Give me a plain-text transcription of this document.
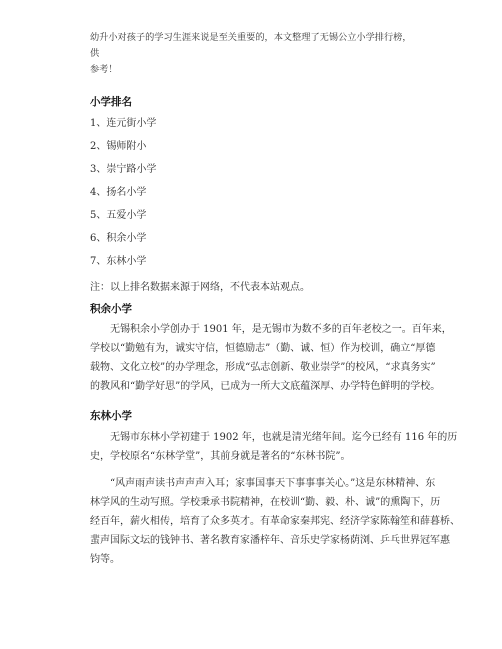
幼升小对孩子的学习生涯来说是至关重要的，本文整理了无锡公立小学排行榜，供
参考！
小学排名
1、连元街小学
2、锡师附小
3、崇宁路小学
4、扬名小学
5、五爱小学
6、积余小学
7、东林小学
注：以上排名数据来源于网络，不代表本站观点。
积余小学
无锡积余小学创办于 1901 年，是无锡市为数不多的百年老校之一。百年来，
学校以“勤勉有为，诚实守信，恒德励志”（勤、诚、恒）作为校训，确立“厚德
载物、文化立校”的办学理念，形成“弘志创新、敬业崇学”的校风，“求真务实”
的教风和“勤学好思”的学风，已成为一所大文底蕴深厚、办学特色鲜明的学校。
东林小学
无锡市东林小学初建于 1902 年，也就是清光绪年间。迄今已经有 116 年的历
史，学校原名“东林学堂”，其前身就是著名的“东林书院”。
“风声雨声读书声声声入耳；家事国事天下事事事关心。”这是东林精神、东
林学风的生动写照。学校秉承书院精神，在校训“勤、毅、朴、诚”的熏陶下，历
经百年，薪火相传，培育了众多英才。有革命家秦邦宪、经济学家陈翰笙和薛暮桥、
蜚声国际文坛的钱钟书、著名教育家潘梓年、音乐史学家杨荫浏、乒乓世界冠军惠
钧等。
